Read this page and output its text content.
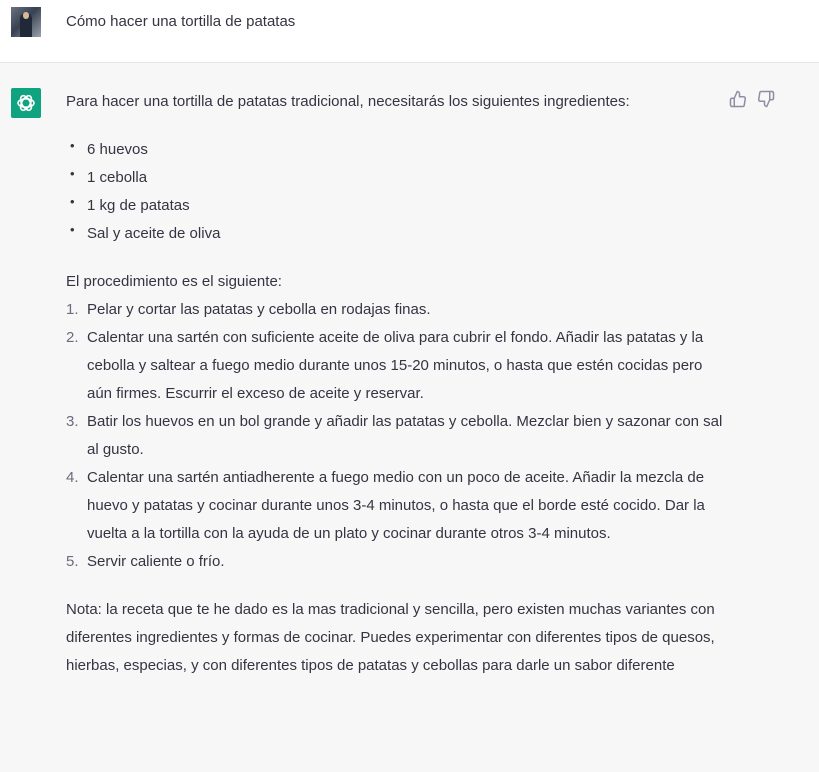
Cómo hacer una tortilla de patatas

Para hacer una tortilla de patatas tradicional, necesitarás los siguientes ingredientes:

• 6 huevos
• 1 cebolla
• 1 kg de patatas
• Sal y aceite de oliva

El procedimiento es el siguiente:

1. Pelar y cortar las patatas y cebolla en rodajas finas.
2. Calentar una sartén con suficiente aceite de oliva para cubrir el fondo. Añadir las patatas y la cebolla y saltear a fuego medio durante unos 15-20 minutos, o hasta que estén cocidas pero aún firmes. Escurrir el exceso de aceite y reservar.
3. Batir los huevos en un bol grande y añadir las patatas y cebolla. Mezclar bien y sazonar con sal al gusto.
4. Calentar una sartén antiadherente a fuego medio con un poco de aceite. Añadir la mezcla de huevo y patatas y cocinar durante unos 3-4 minutos, o hasta que el borde esté cocido. Dar la vuelta a la tortilla con la ayuda de un plato y cocinar durante otros 3-4 minutos.
5. Servir caliente o frío.

Nota: la receta que te he dado es la mas tradicional y sencilla, pero existen muchas variantes con diferentes ingredientes y formas de cocinar. Puedes experimentar con diferentes tipos de quesos, hierbas, especias, y con diferentes tipos de patatas y cebollas para darle un sabor diferente
